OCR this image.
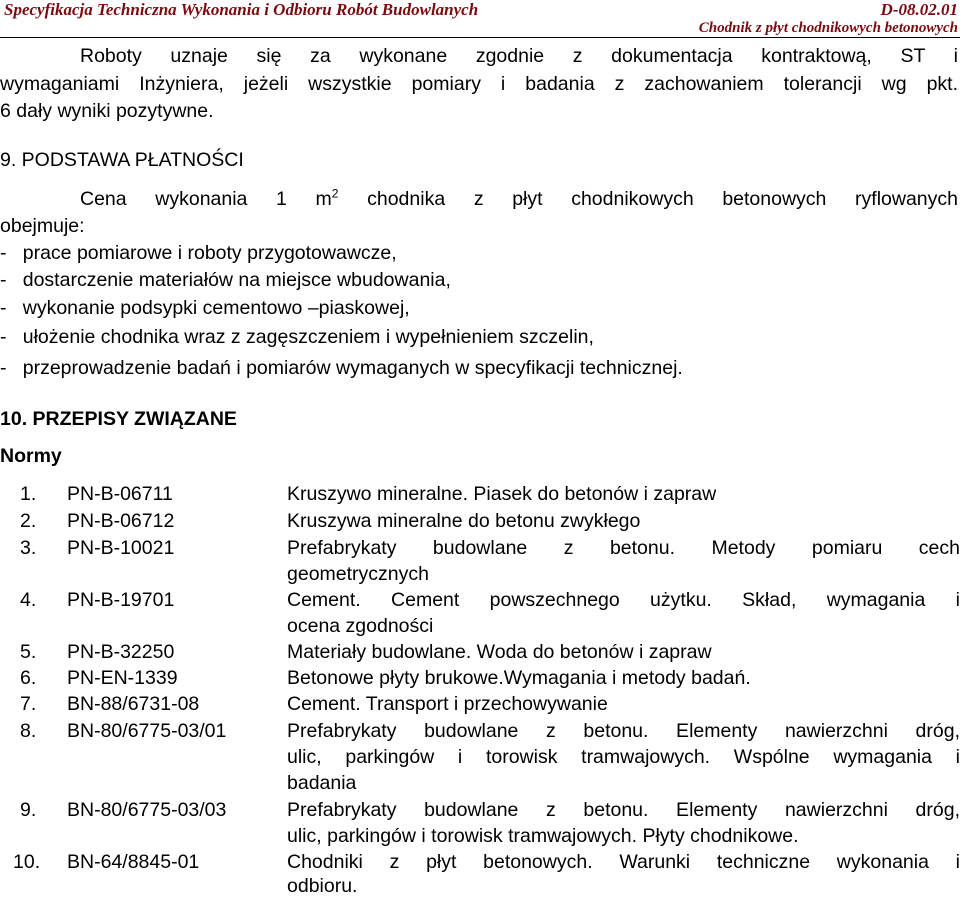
Specyfikacja Techniczna Wykonania i Odbioru Robót Budowlanych	D-08.02.01
Chodnik z płyt chodnikowych betonowych
Roboty uznaje się za wykonane zgodnie z dokumentacja kontraktową, ST i
wymaganiami Inżyniera, jeżeli wszystkie pomiary i badania z zachowaniem tolerancji wg pkt.
6 dały wyniki pozytywne.
9. PODSTAWA PŁATNOŚCI
Cena wykonania 1 $m^2$ chodnika z płyt chodnikowych betonowych ryflowanych
obejmuje:
-   prace pomiarowe i roboty przygotowawcze,
-   dostarczenie materiałów na miejsce wbudowania,
-   wykonanie podsypki cementowo –piaskowej,
-   ułożenie chodnika wraz z zagęszczeniem i wypełnieniem szczelin,
-   przeprowadzenie badań i pomiarów wymaganych w specyfikacji technicznej.
10. PRZEPISY ZWIĄZANE
Normy
1. PN-B-06711	Kruszywo mineralne. Piasek do betonów i zapraw
2. PN-B-06712	Kruszywa mineralne do betonu zwykłego
3. PN-B-10021	Prefabrykaty budowlane z betonu. Metody pomiaru cech
geometrycznych
4. PN-B-19701	Cement. Cement powszechnego użytku. Skład, wymagania i
ocena zgodności
5. PN-B-32250	Materiały budowlane. Woda do betonów i zapraw
6. PN-EN-1339	Betonowe płyty brukowe.Wymagania i metody badań.
7. BN-88/6731-08	Cement. Transport i przechowywanie
8. BN-80/6775-03/01	Prefabrykaty budowlane z betonu. Elementy nawierzchni dróg,
ulic, parkingów i torowisk tramwajowych. Wspólne wymagania i
badania
9. BN-80/6775-03/03	Prefabrykaty budowlane z betonu. Elementy nawierzchni dróg,
ulic, parkingów i torowisk tramwajowych. Płyty chodnikowe.
10. BN-64/8845-01	Chodniki z płyt betonowych. Warunki techniczne wykonania i
odbioru.
